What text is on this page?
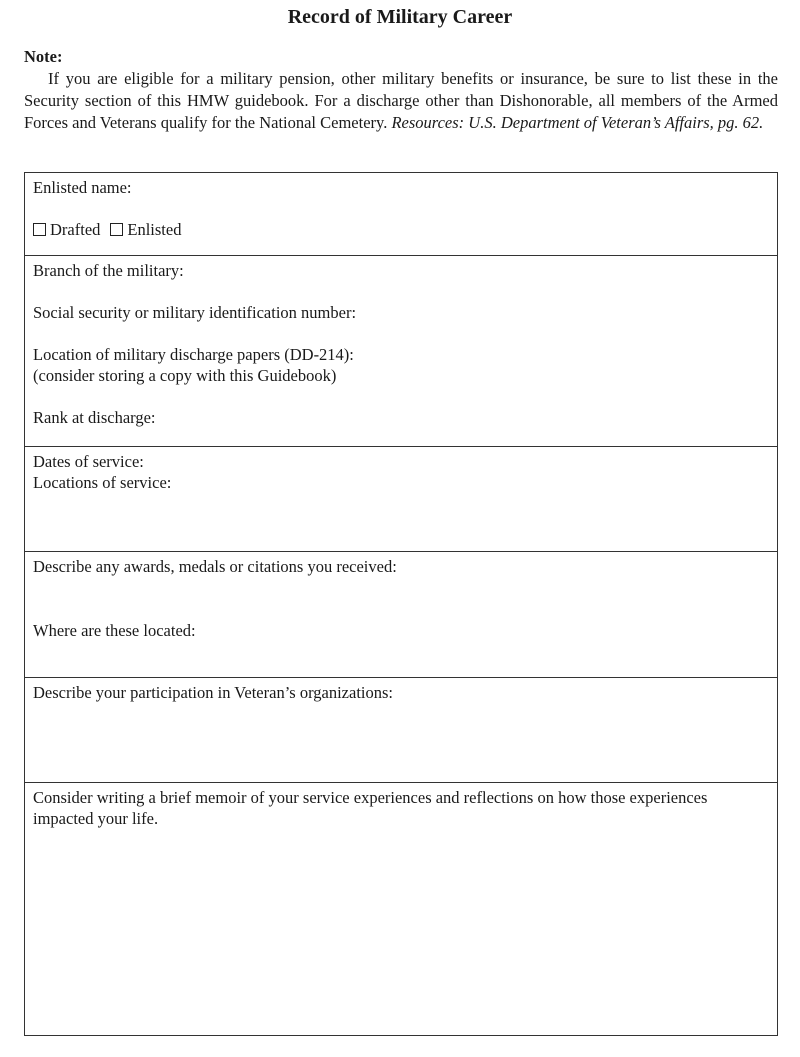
Record of Military Career
Note:
If you are eligible for a military pension, other military benefits or insurance, be sure to list these in the Security section of this HMW guidebook. For a discharge other than Dishonorable, all members of the Armed Forces and Veterans qualify for the National Cemetery. Resources: U.S. Department of Veteran’s Affairs, pg. 62.
Enlisted name:
Drafted Enlisted
Branch of the military:
Social security or military identification number:
Location of military discharge papers (DD-214):
(consider storing a copy with this Guidebook)
Rank at discharge:
Dates of service:
Locations of service:
Describe any awards, medals or citations you received:
Where are these located:
Describe your participation in Veteran’s organizations:
Consider writing a brief memoir of your service experiences and reflections on how those experiences
impacted your life.
